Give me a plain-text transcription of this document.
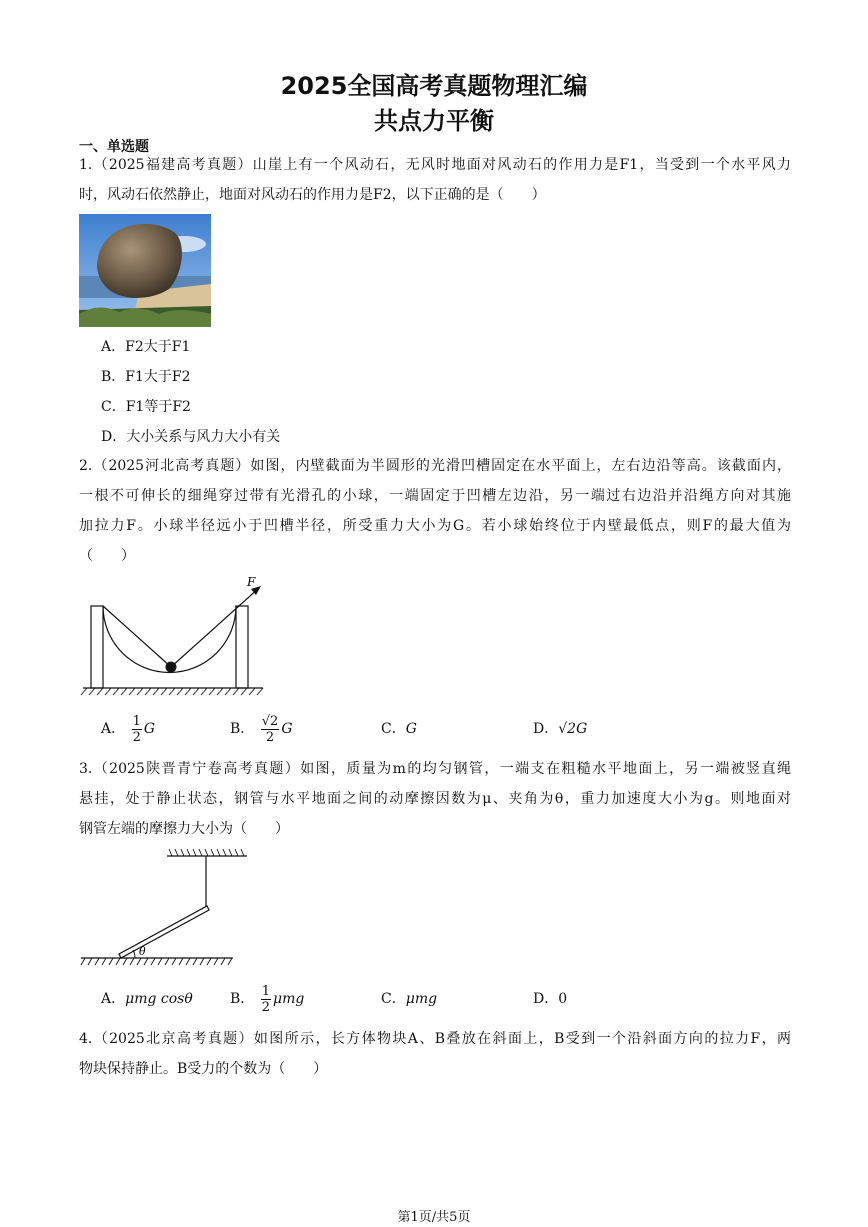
2025全国高考真题物理汇编
共点力平衡
一、单选题
1.（2025福建高考真题）山崖上有一个风动石，无风时地面对风动石的作用力是F1，当受到一个水平风力
时，风动石依然静止，地面对风动石的作用力是F2，以下正确的是（　　）
A．F2大于F1
B．F1大于F2
C．F1等于F2
D．大小关系与风力大小有关
2.（2025河北高考真题）如图，内壁截面为半圆形的光滑凹槽固定在水平面上，左右边沿等高。该截面内，
一根不可伸长的细绳穿过带有光滑孔的小球，一端固定于凹槽左边沿，另一端过右边沿并沿绳方向对其施
加拉力F。小球半径远小于凹槽半径，所受重力大小为G。若小球始终位于内壁最低点，则F的最大值为
（　　）
F
A． $\frac{1}{2}$ G	B． $\frac{√2}{2}$ G	C．G	D．√2G
3.（2025陕晋青宁卷高考真题）如图，质量为m的均匀钢管，一端支在粗糙水平地面上，另一端被竖直绳
悬挂，处于静止状态，钢管与水平地面之间的动摩擦因数为μ、夹角为θ，重力加速度大小为g。则地面对
钢管左端的摩擦力大小为（　　）
θ
A．μmg cosθ	B． $\frac{1}{2}$ μmg	C．μmg	D．0
4.（2025北京高考真题）如图所示，长方体物块A、B叠放在斜面上，B受到一个沿斜面方向的拉力F，两
物块保持静止。B受力的个数为（　　）
第1页/共5页
